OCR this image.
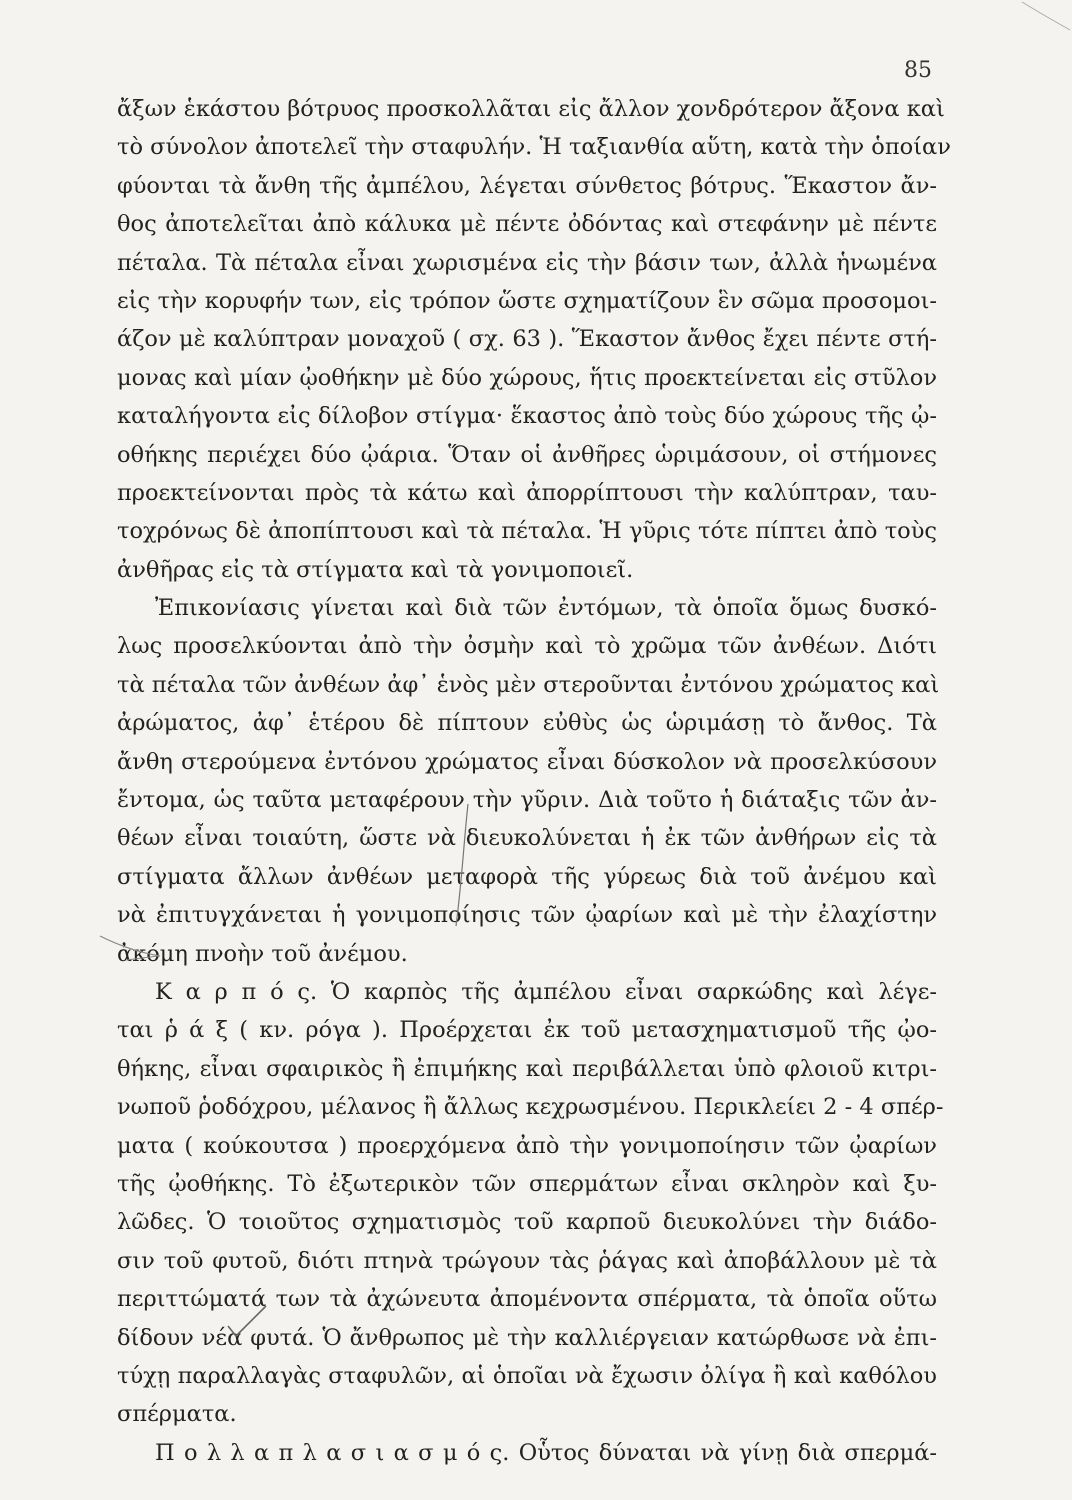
85
ἄξων ἑκάστου βότρυος προσκολλᾶται εἰς ἄλλον χονδρότερον ἄξονα καὶ
τὸ σύνολον ἀποτελεῖ τὴν σταφυλήν. Ἡ ταξιανθία αὕτη, κατὰ τὴν ὁποίαν
φύονται τὰ ἄνθη τῆς ἀμπέλου, λέγεται σύνθετος βότρυς. Ἕκαστον ἄν-
θος ἀποτελεῖται ἀπὸ κάλυκα μὲ πέντε ὀδόντας καὶ στεφάνην μὲ πέντε
πέταλα. Τὰ πέταλα εἶναι χωρισμένα εἰς τὴν βάσιν των, ἀλλὰ ἡνωμένα
εἰς τὴν κορυφήν των, εἰς τρόπον ὥστε σχηματίζουν ἓν σῶμα προσομοι-
άζον μὲ καλύπτραν μοναχοῦ ( σχ. 63 ). Ἕκαστον ἄνθος ἔχει πέντε στή-
μονας καὶ μίαν ᾠοθήκην μὲ δύο χώρους, ἥτις προεκτείνεται εἰς στῦλον
καταλήγοντα εἰς δίλοβον στίγμα· ἕκαστος ἀπὸ τοὺς δύο χώρους τῆς ᾠ-
οθήκης περιέχει δύο ᾠάρια. Ὅταν οἱ ἀνθῆρες ὡριμάσουν, οἱ στήμονες
προεκτείνονται πρὸς τὰ κάτω καὶ ἀπορρίπτουσι τὴν καλύπτραν, ταυ-
τοχρόνως δὲ ἀποπίπτουσι καὶ τὰ πέταλα. Ἡ γῦρις τότε πίπτει ἀπὸ τοὺς
ἀνθῆρας εἰς τὰ στίγματα καὶ τὰ γονιμοποιεῖ.
Ἐπικονίασις γίνεται καὶ διὰ τῶν ἐντόμων, τὰ ὁποῖα ὅμως δυσκό-
λως προσελκύονται ἀπὸ τὴν ὀσμὴν καὶ τὸ χρῶμα τῶν ἀνθέων. Διότι
τὰ πέταλα τῶν ἀνθέων ἀφ᾽ ἑνὸς μὲν στεροῦνται ἐντόνου χρώματος καὶ
ἀρώματος, ἀφ᾽ ἑτέρου δὲ πίπτουν εὐθὺς ὡς ὡριμάσῃ τὸ ἄνθος. Τὰ
ἄνθη στερούμενα ἐντόνου χρώματος εἶναι δύσκολον νὰ προσελκύσουν
ἔντομα, ὡς ταῦτα μεταφέρουν τὴν γῦριν. Διὰ τοῦτο ἡ διάταξις τῶν ἀν-
θέων εἶναι τοιαύτη, ὥστε νὰ διευκολύνεται ἡ ἐκ τῶν ἀνθήρων εἰς τὰ
στίγματα ἄλλων ἀνθέων μεταφορὰ τῆς γύρεως διὰ τοῦ ἀνέμου καὶ
νὰ ἐπιτυγχάνεται ἡ γονιμοποίησις τῶν ᾠαρίων καὶ μὲ τὴν ἐλαχίστην
ἀκόμη πνοὴν τοῦ ἀνέμου.
Κ α ρ π ό ς. Ὁ καρπὸς τῆς ἀμπέλου εἶναι σαρκώδης καὶ λέγε-
ται ῥ ά ξ ( κν. ρόγα ). Προέρχεται ἐκ τοῦ μετασχηματισμοῦ τῆς ᾠο-
θήκης, εἶναι σφαιρικὸς ἢ ἐπιμήκης καὶ περιβάλλεται ὑπὸ φλοιοῦ κιτρι-
νωποῦ ῥοδόχρου, μέλανος ἢ ἄλλως κεχρωσμένου. Περικλείει 2 - 4 σπέρ-
ματα ( κούκουτσα ) προερχόμενα ἀπὸ τὴν γονιμοποίησιν τῶν ᾠαρίων
τῆς ᾠοθήκης. Τὸ ἐξωτερικὸν τῶν σπερμάτων εἶναι σκληρὸν καὶ ξυ-
λῶδες. Ὁ τοιοῦτος σχηματισμὸς τοῦ καρποῦ διευκολύνει τὴν διάδο-
σιν τοῦ φυτοῦ, διότι πτηνὰ τρώγουν τὰς ῥάγας καὶ ἀποβάλλουν μὲ τὰ
περιττώματά των τὰ ἀχώνευτα ἀπομένοντα σπέρματα, τὰ ὁποῖα οὕτω
δίδουν νέα φυτά. Ὁ ἄνθρωπος μὲ τὴν καλλιέργειαν κατώρθωσε νὰ ἐπι-
τύχῃ παραλλαγὰς σταφυλῶν, αἱ ὁποῖαι νὰ ἔχωσιν ὀλίγα ἢ καὶ καθόλου
σπέρματα.
Π ο λ λ α π λ α σ ι α σ μ ό ς. Οὗτος δύναται νὰ γίνῃ διὰ σπερμά-
